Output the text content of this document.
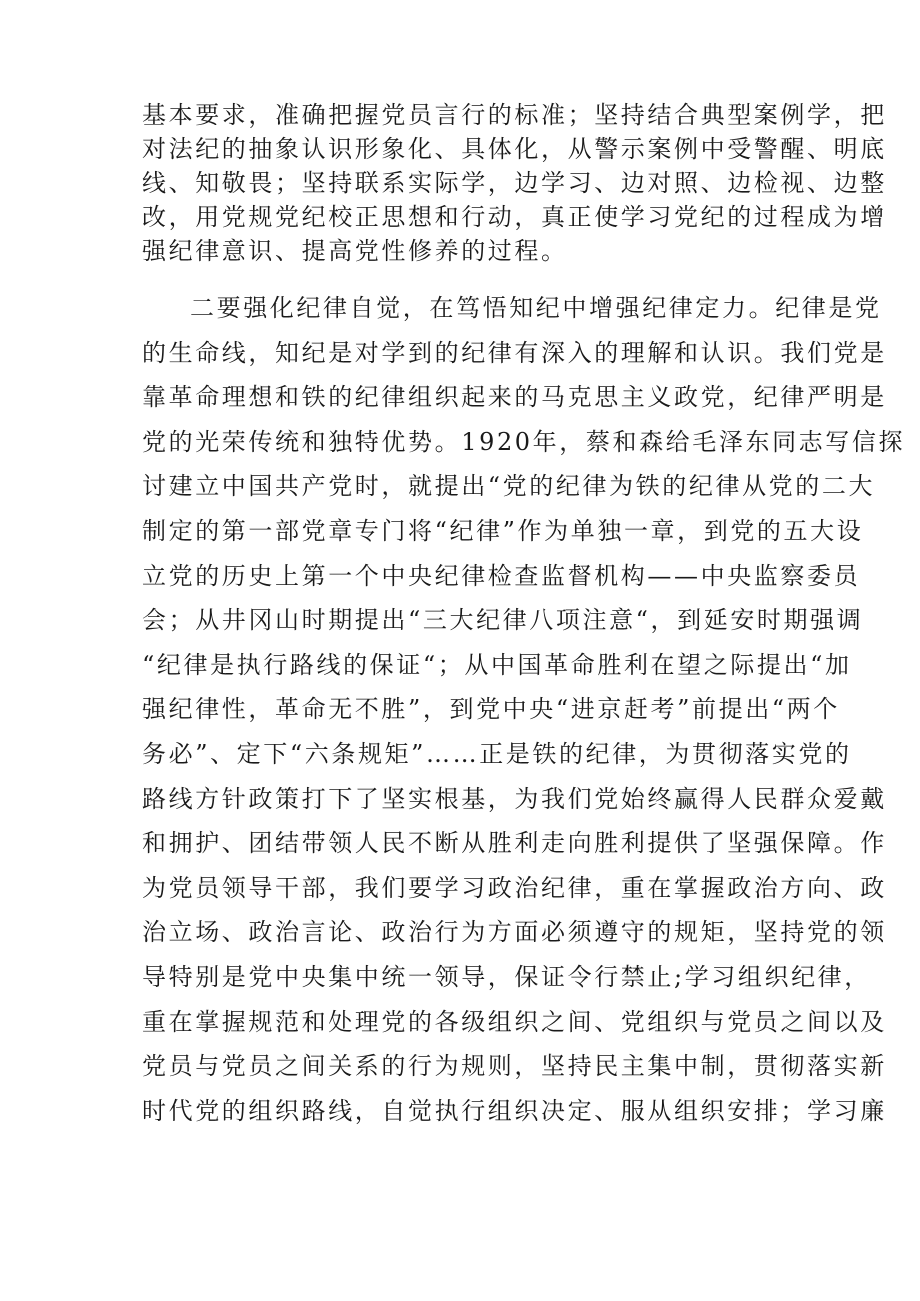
基本要求，准确把握党员言行的标准；坚持结合典型案例学，把
对法纪的抽象认识形象化、具体化，从警示案例中受警醒、明底
线、知敬畏；坚持联系实际学，边学习、边对照、边检视、边整
改，用党规党纪校正思想和行动，真正使学习党纪的过程成为增
强纪律意识、提高党性修养的过程。
二要强化纪律自觉，在笃悟知纪中增强纪律定力。纪律是党
的生命线，知纪是对学到的纪律有深入的理解和认识。我们党是
靠革命理想和铁的纪律组织起来的马克思主义政党，纪律严明是
党的光荣传统和独特优势。1920年，蔡和森给毛泽东同志写信探
讨建立中国共产党时，就提出“党的纪律为铁的纪律从党的二大
制定的第一部党章专门将“纪律”作为单独一章，到党的五大设
立党的历史上第一个中央纪律检查监督机构——中央监察委员
会；从井冈山时期提出“三大纪律八项注意“，到延安时期强调
“纪律是执行路线的保证“；从中国革命胜利在望之际提出“加
强纪律性，革命无不胜”，到党中央“进京赶考”前提出“两个
务必”、定下“六条规矩”……正是铁的纪律，为贯彻落实党的
路线方针政策打下了坚实根基，为我们党始终赢得人民群众爱戴
和拥护、团结带领人民不断从胜利走向胜利提供了坚强保障。作
为党员领导干部，我们要学习政治纪律，重在掌握政治方向、政
治立场、政治言论、政治行为方面必须遵守的规矩，坚持党的领
导特别是党中央集中统一领导，保证令行禁止;学习组织纪律，
重在掌握规范和处理党的各级组织之间、党组织与党员之间以及
党员与党员之间关系的行为规则，坚持民主集中制，贯彻落实新
时代党的组织路线，自觉执行组织决定、服从组织安排；学习廉
